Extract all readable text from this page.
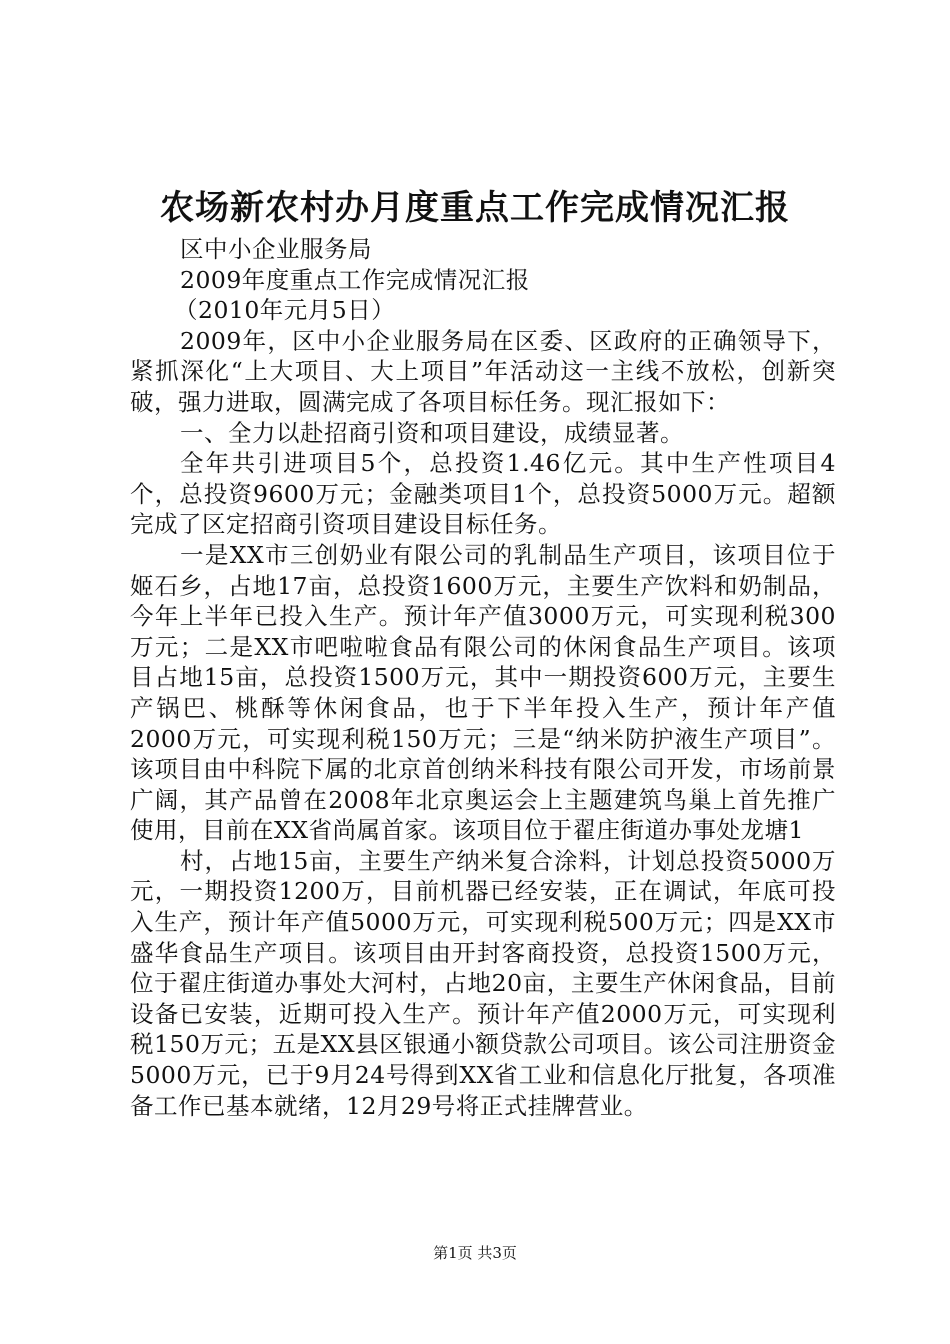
农场新农村办月度重点工作完成情况汇报

区中小企业服务局

2009年度重点工作完成情况汇报

（2010年元月5日）

2009年，区中小企业服务局在区委、区政府的正确领导下，紧抓深化“上大项目、大上项目”年活动这一主线不放松，创新突破，强力进取，圆满完成了各项目标任务。现汇报如下：

一、全力以赴招商引资和项目建设，成绩显著。

全年共引进项目5个，总投资1.46亿元。其中生产性项目4个，总投资9600万元；金融类项目1个，总投资5000万元。超额完成了区定招商引资项目建设目标任务。

一是XX市三创奶业有限公司的乳制品生产项目，该项目位于姬石乡，占地17亩，总投资1600万元，主要生产饮料和奶制品，今年上半年已投入生产。预计年产值3000万元，可实现利税300万元；二是XX市吧啦啦食品有限公司的休闲食品生产项目。该项目占地15亩，总投资1500万元，其中一期投资600万元，主要生产锅巴、桃酥等休闲食品，也于下半年投入生产，预计年产值2000万元，可实现利税150万元；三是“纳米防护液生产项目”。该项目由中科院下属的北京首创纳米科技有限公司开发，市场前景广阔，其产品曾在2008年北京奥运会上主题建筑鸟巢上首先推广使用，目前在XX省尚属首家。该项目位于翟庄街道办事处龙塘1

村，占地15亩，主要生产纳米复合涂料，计划总投资5000万元，一期投资1200万，目前机器已经安装，正在调试，年底可投入生产，预计年产值5000万元，可实现利税500万元；四是XX市盛华食品生产项目。该项目由开封客商投资，总投资1500万元，位于翟庄街道办事处大河村，占地20亩，主要生产休闲食品，目前设备已安装，近期可投入生产。预计年产值2000万元，可实现利税150万元；五是XX县区银通小额贷款公司项目。该公司注册资金5000万元，已于9月24号得到XX省工业和信息化厅批复，各项准备工作已基本就绪，12月29号将正式挂牌营业。

第1页 共3页
